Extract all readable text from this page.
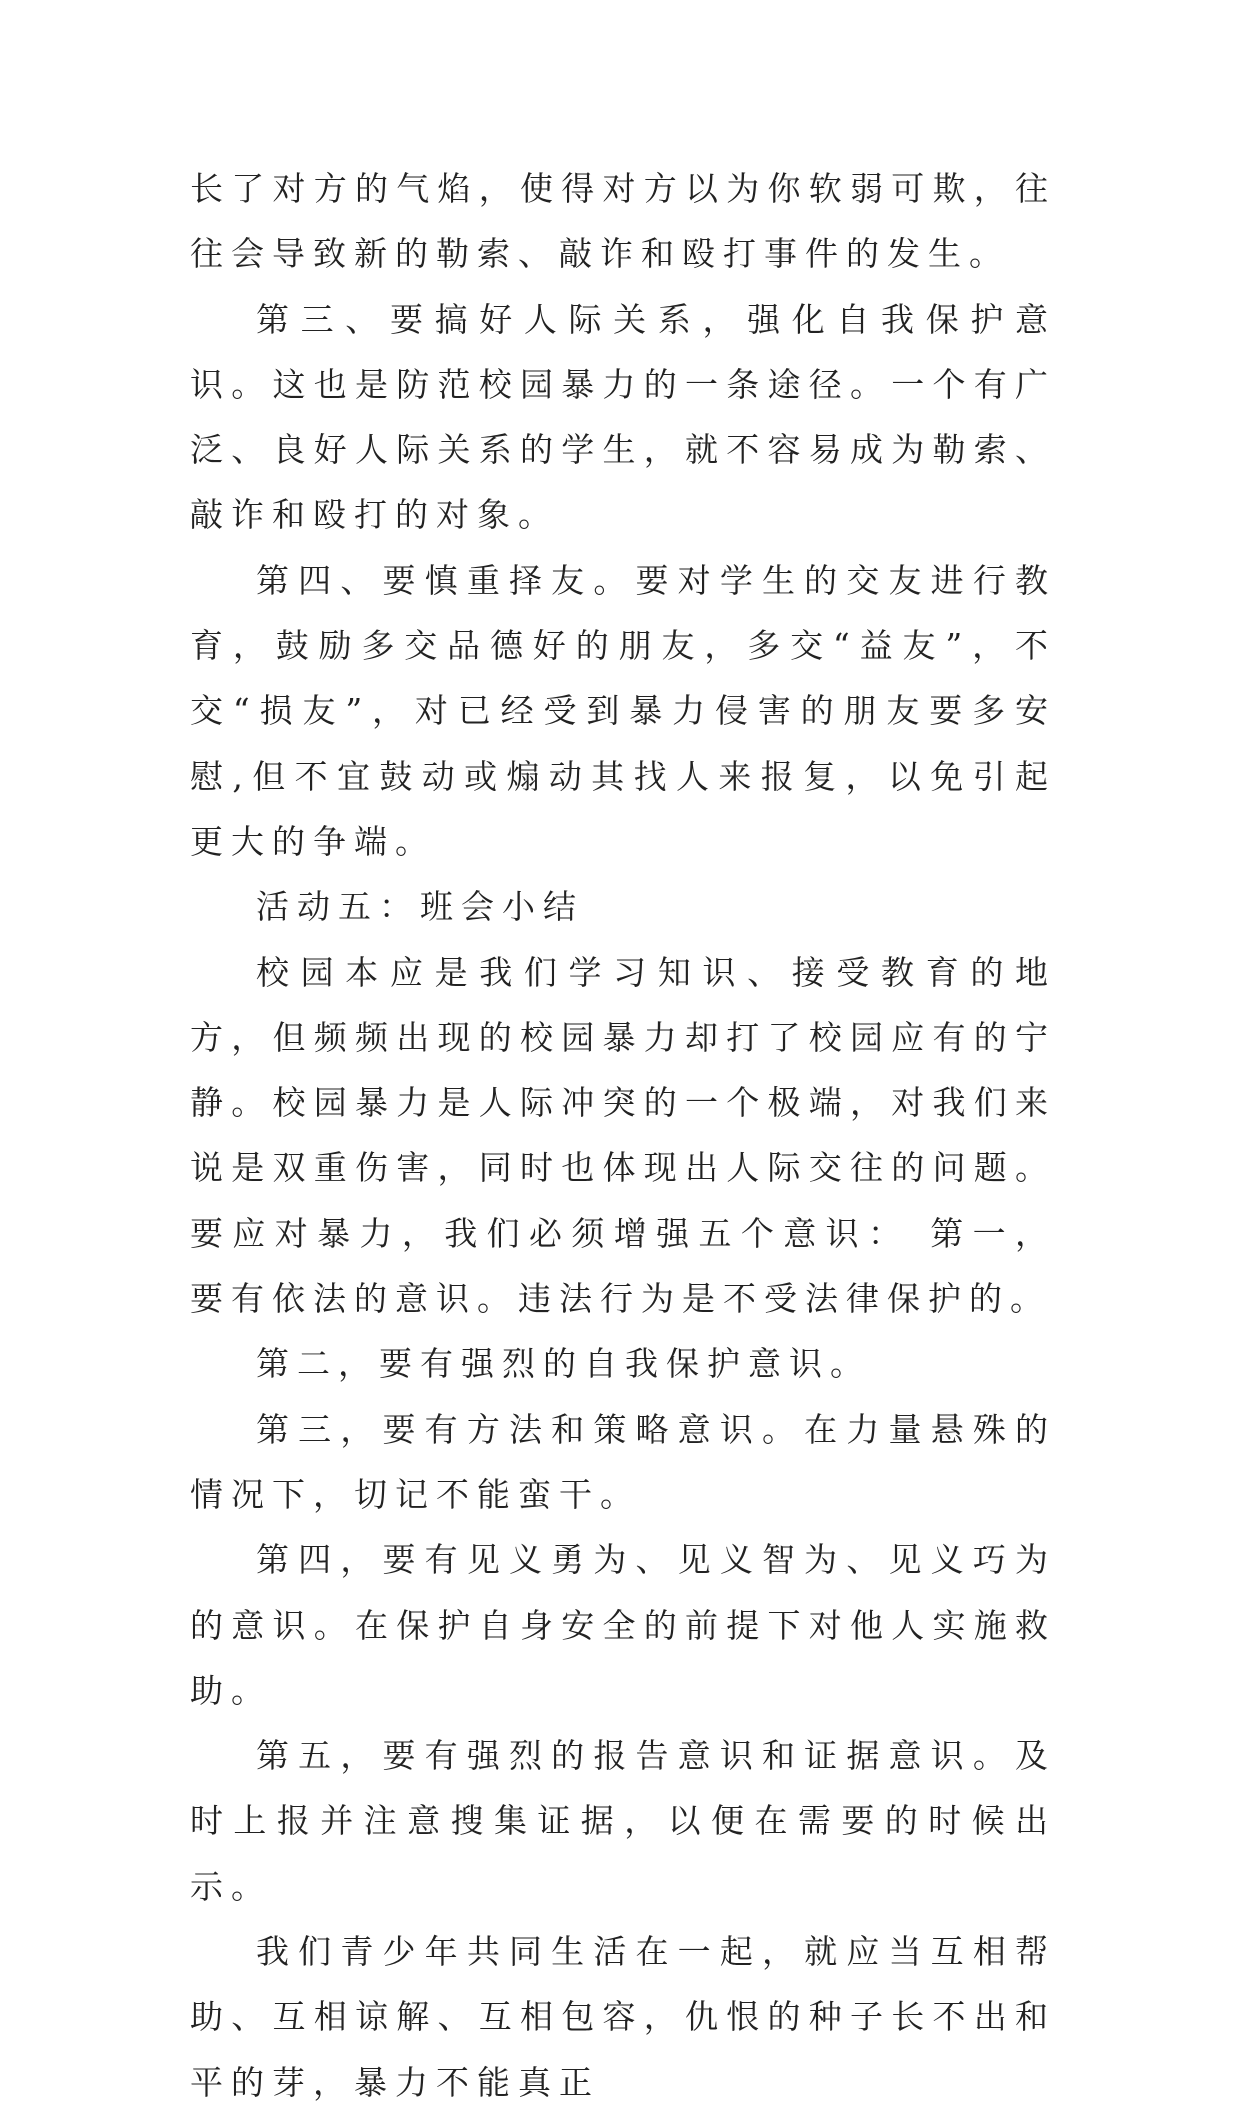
长了对方的气焰，使得对方以为你软弱可欺，往往会导致新的勒索、敲诈和殴打事件的发生。

第三、要搞好人际关系，强化自我保护意识。这也是防范校园暴力的一条途径。一个有广泛、良好人际关系的学生，就不容易成为勒索、敲诈和殴打的对象。

第四、要慎重择友。要对学生的交友进行教育，鼓励多交品德好的朋友，多交“益友”，不交“损友”，对已经受到暴力侵害的朋友要多安慰,但不宜鼓动或煽动其找人来报复，以免引起更大的争端。

活动五：班会小结

校园本应是我们学习知识、接受教育的地方，但频频出现的校园暴力却打了校园应有的宁静。校园暴力是人际冲突的一个极端，对我们来说是双重伤害，同时也体现出人际交往的问题。要应对暴力，我们必须增强五个意识： 第一，要有依法的意识。违法行为是不受法律保护的。

第二，要有强烈的自我保护意识。

第三，要有方法和策略意识。在力量悬殊的情况下，切记不能蛮干。

第四，要有见义勇为、见义智为、见义巧为的意识。在保护自身安全的前提下对他人实施救助。

第五，要有强烈的报告意识和证据意识。及时上报并注意搜集证据，以便在需要的时候出示。

我们青少年共同生活在一起，就应当互相帮助、互相谅解、互相包容，仇恨的种子长不出和平的芽，暴力不能真正
